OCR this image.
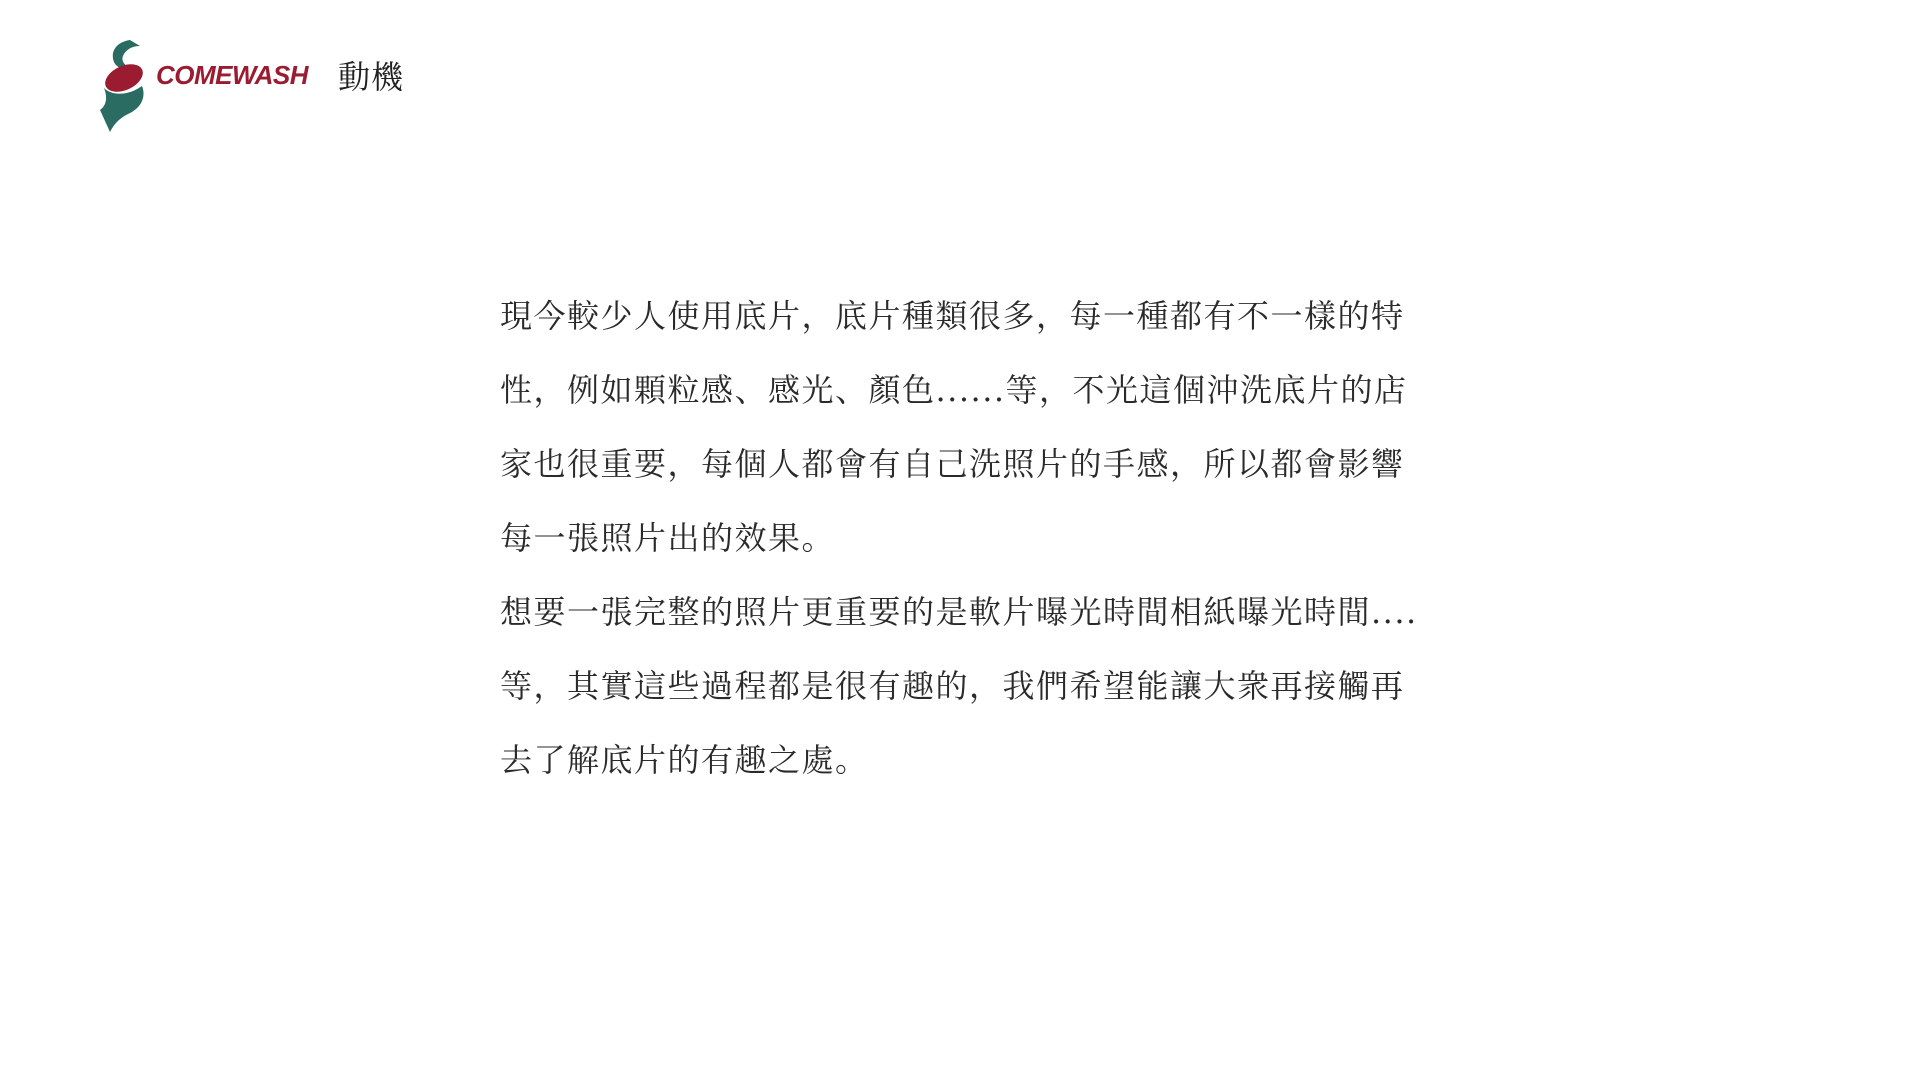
COMEWASH 動機
現今較少人使用底片，底片種類很多，每一種都有不一樣的特
性，例如顆粒感、感光、顏色......等，不光這個沖洗底片的店
家也很重要，每個人都會有自己洗照片的手感，所以都會影響
每一張照片出的效果。
想要一張完整的照片更重要的是軟片曝光時間相紙曝光時間....
等，其實這些過程都是很有趣的，我們希望能讓大衆再接觸再
去了解底片的有趣之處。
